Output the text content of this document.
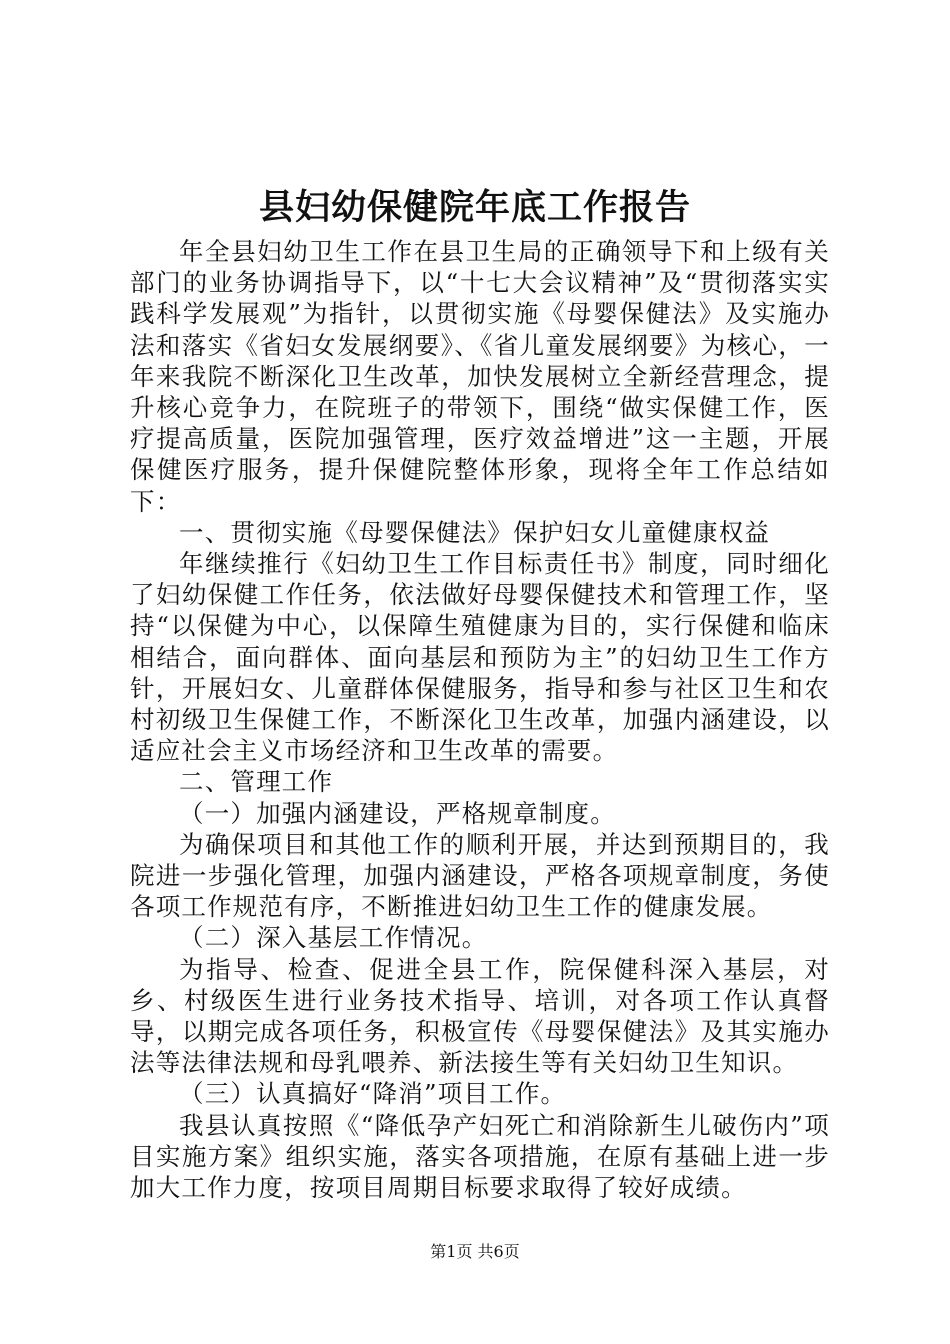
县妇幼保健院年底工作报告

年全县妇幼卫生工作在县卫生局的正确领导下和上级有关部门的业务协调指导下，以“十七大会议精神”及“贯彻落实实践科学发展观”为指针，以贯彻实施《母婴保健法》及实施办法和落实《省妇女发展纲要》、《省儿童发展纲要》为核心，一年来我院不断深化卫生改革，加快发展树立全新经营理念，提升核心竞争力，在院班子的带领下，围绕“做实保健工作，医疗提高质量，医院加强管理，医疗效益增进”这一主题，开展保健医疗服务，提升保健院整体形象，现将全年工作总结如下：

一、贯彻实施《母婴保健法》保护妇女儿童健康权益

年继续推行《妇幼卫生工作目标责任书》制度，同时细化了妇幼保健工作任务，依法做好母婴保健技术和管理工作，坚持“以保健为中心，以保障生殖健康为目的，实行保健和临床相结合，面向群体、面向基层和预防为主”的妇幼卫生工作方针，开展妇女、儿童群体保健服务，指导和参与社区卫生和农村初级卫生保健工作，不断深化卫生改革，加强内涵建设，以适应社会主义市场经济和卫生改革的需要。

二、管理工作

（一）加强内涵建设，严格规章制度。

为确保项目和其他工作的顺利开展，并达到预期目的，我院进一步强化管理，加强内涵建设，严格各项规章制度，务使各项工作规范有序，不断推进妇幼卫生工作的健康发展。

（二）深入基层工作情况。

为指导、检查、促进全县工作，院保健科深入基层，对乡、村级医生进行业务技术指导、培训，对各项工作认真督导，以期完成各项任务，积极宣传《母婴保健法》及其实施办法等法律法规和母乳喂养、新法接生等有关妇幼卫生知识。

（三）认真搞好“降消”项目工作。

我县认真按照《“降低孕产妇死亡和消除新生儿破伤内”项目实施方案》组织实施，落实各项措施，在原有基础上进一步加大工作力度，按项目周期目标要求取得了较好成绩。

第1页 共6页
